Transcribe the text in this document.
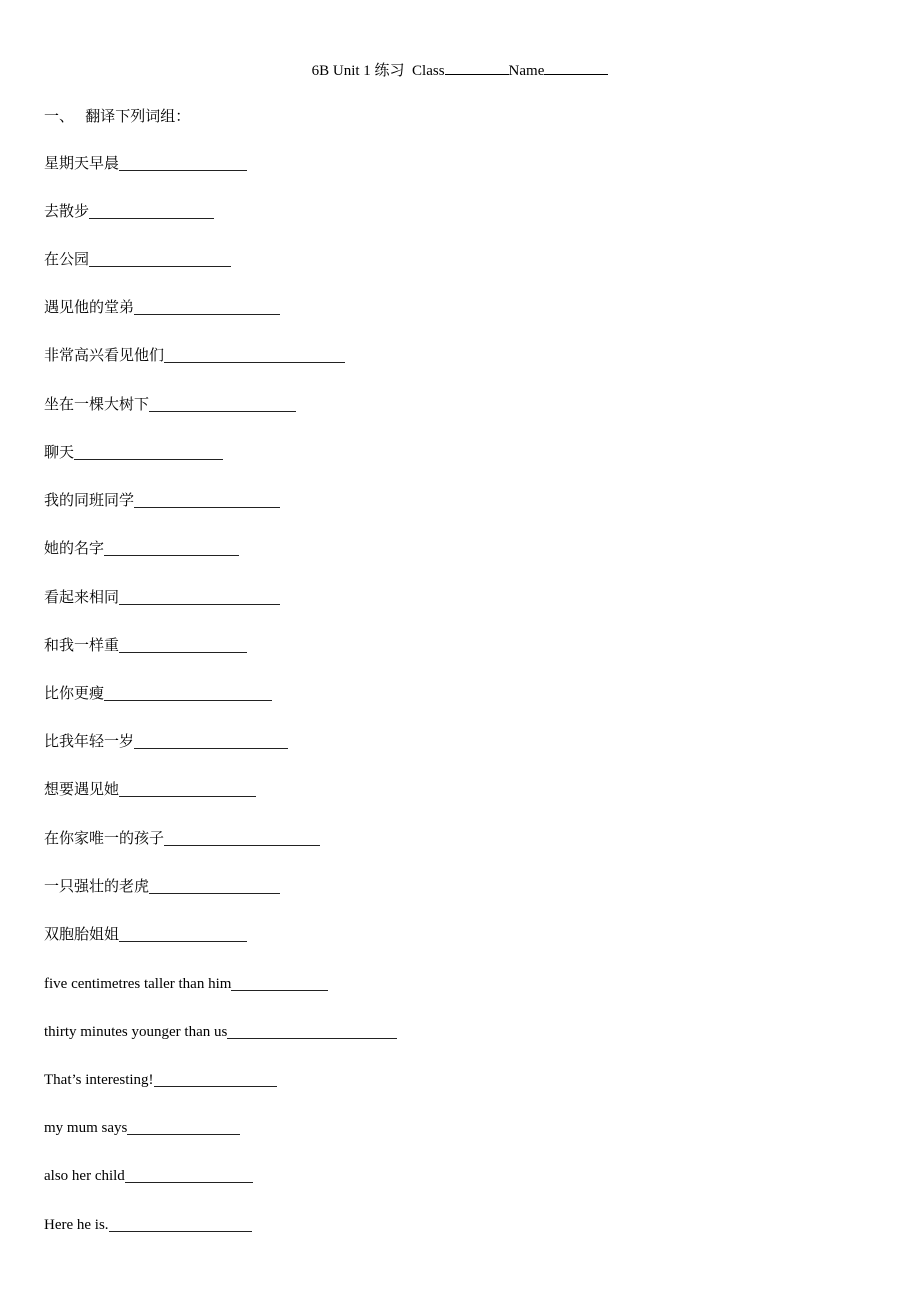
6B Unit 1 练习  Class	Name
一、 翻译下列词组：
星期天早晨
去散步
在公园
遇见他的堂弟
非常高兴看见他们
坐在一棵大树下
聊天
我的同班同学
她的名字
看起来相同
和我一样重
比你更瘦
比我年轻一岁
想要遇见她
在你家唯一的孩子
一只强壮的老虎
双胞胎姐姐
five centimetres taller than him
thirty minutes younger than us
That’s interesting!
my mum says
also her child
Here he is.
